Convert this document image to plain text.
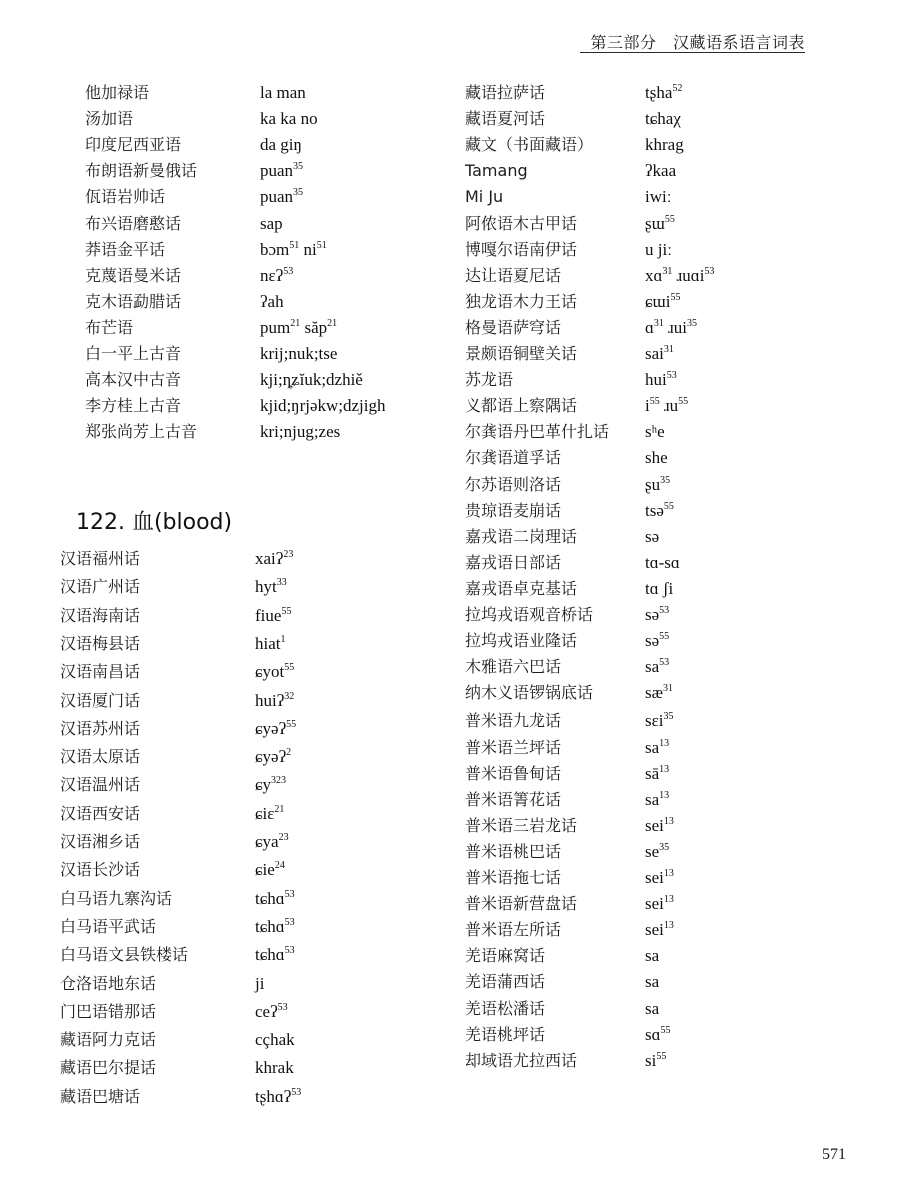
第三部分　汉藏语系语言词表
他加禄语	la man
汤加语	ka ka no
印度尼西亚语	da giŋ
布朗语新曼俄话	puan$^{35}$
佤语岩帅话	puan$^{35}$
布兴语磨憨话	sap
莽语金平话	bɔm$^{51}$ $ni^{51}$
克蔑语曼米话	nɛʔ$^{53}$
克木语勐腊话	ʔah
布芒语	pum$^{21}$ săp$^{21}$
白一平上古音	krij;nuk;tse
高本汉中古音	kji;ȵʑĭuk;dzhiě
李方桂上古音	kjid;ŋrjəkw;dzjigh
郑张尚芳上古音	kri;njug;zes
122. 血(blood)
汉语福州话	xaiʔ$^{23}$
汉语广州话	hyt$^{33}$
汉语海南话	fiue$^{55}$
汉语梅县话	hiat$^1$
汉语南昌话	ɕyot$^{55}$
汉语厦门话	huiʔ$^{32}$
汉语苏州话	ɕyəʔ$^{55}$
汉语太原话	ɕyəʔ$^2$
汉语温州话	ɕy$^{323}$
汉语西安话	ɕiɛ$^{21}$
汉语湘乡话	ɕya$^{23}$
汉语长沙话	ɕie$^{24}$
白马语九寨沟话	tɕhɑ$^{53}$
白马语平武话	tɕhɑ$^{53}$
白马语文县铁楼话	tɕhɑ$^{53}$
仓洛语地东话	ji
门巴语错那话	ceʔ$^{53}$
藏语阿力克话	cçhak
藏语巴尔提话	khrak
藏语巴塘话	tʂhɑʔ$^{53}$
藏语拉萨话	tʂha$^{52}$
藏语夏河话	tɕhaχ
藏文（书面藏语）	khrag
Tamang	ʔkaa
Mi Ju	iwiː
阿侬语木古甲话	ʂɯ$^{55}$
博嘎尔语南伊话	u jiː
达让语夏尼话	xɑ$^{31}$ ɹuɑi$^{53}$
独龙语木力王话	ɕɯi$^{55}$
格曼语萨穹话	ɑ$^{31}$ ɹui$^{35}$
景颇语铜壁关话	sai$^{31}$
苏龙语	hui$^{53}$
义都语上察隅话	$i^{55}$ ɹu$^{55}$
尔龚语丹巴革什扎话 sʰe
尔龚语道孚话	she
尔苏语则洛话	ʂu$^{35}$
贵琼语麦崩话	tsə$^{55}$
嘉戎语二岗理话	sə
嘉戎语日部话	tɑ-sɑ
嘉戎语卓克基话	tɑ ʃi
拉坞戎语观音桥话	sə$^{53}$
拉坞戎语业隆话	sə$^{55}$
木雅语六巴话	$sa^{53}$
纳木义语锣锅底话	$sæ^{31}$
普米语九龙话	sɛi$^{35}$
普米语兰坪话	$sa^{13}$
普米语鲁甸话	$sā^{13}$
普米语箐花话	$sa^{13}$
普米语三岩龙话	sei$^{13}$
普米语桃巴话	$se^{35}$
普米语拖七话	sei$^{13}$
普米语新营盘话	sei$^{13}$
普米语左所话	sei$^{13}$
羌语麻窝话	sa
羌语蒲西话	sa
羌语松潘话	sa
羌语桃坪话	sɑ$^{55}$
却域语尤拉西话	$si^{55}$
571
